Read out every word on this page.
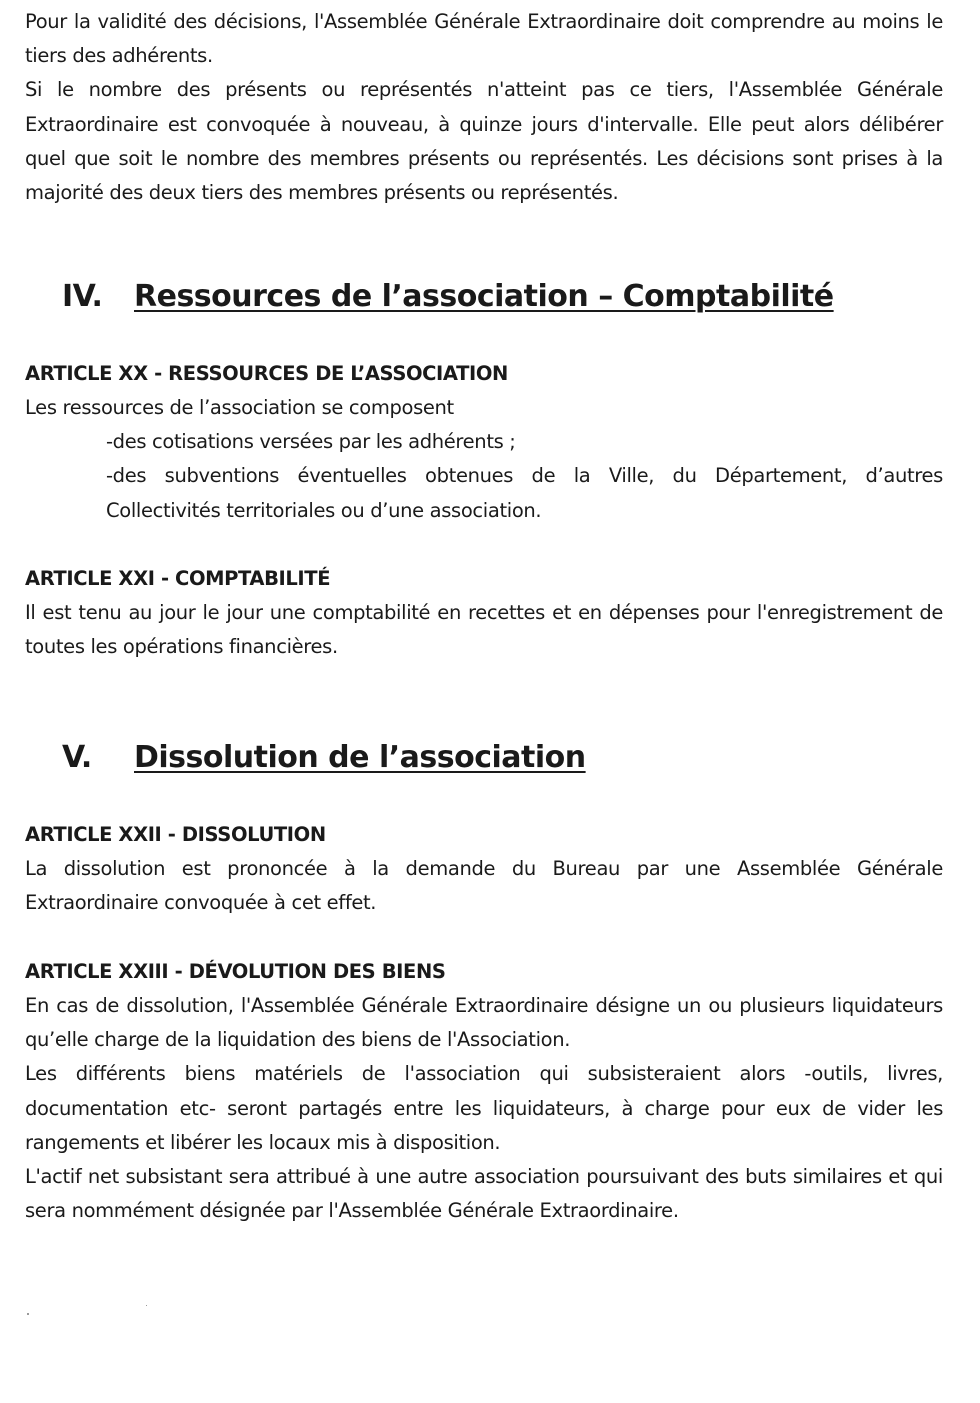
Pour la validité des décisions, l'Assemblée Générale Extraordinaire doit comprendre au moins le tiers des adhérents.

Si le nombre des présents ou représentés n'atteint pas ce tiers, l'Assemblée Générale Extraordinaire est convoquée à nouveau, à quinze jours d'intervalle. Elle peut alors délibérer quel que soit le nombre des membres présents ou représentés. Les décisions sont prises à la majorité des deux tiers des membres présents ou représentés.

IV. Ressources de l’association – Comptabilité
ARTICLE XX - RESSOURCES DE L’ASSOCIATION

Les ressources de l’association se composent

-des cotisations versées par les adhérents ;

-des subventions éventuelles obtenues de la Ville, du Département, d’autres Collectivités territoriales ou d’une association.

ARTICLE XXI - COMPTABILITÉ

Il est tenu au jour le jour une comptabilité en recettes et en dépenses pour l'enregistrement de toutes les opérations financières.

V. Dissolution de l’association
ARTICLE XXII - DISSOLUTION

La dissolution est prononcée à la demande du Bureau par une Assemblée Générale Extraordinaire convoquée à cet effet.

ARTICLE XXIII - DÉVOLUTION DES BIENS

En cas de dissolution, l'Assemblée Générale Extraordinaire désigne un ou plusieurs liquidateurs qu’elle charge de la liquidation des biens de l'Association.

Les différents biens matériels de l'association qui subsisteraient alors -outils, livres, documentation etc- seront partagés entre les liquidateurs, à charge pour eux de vider les rangements et libérer les locaux mis à disposition.

L'actif net subsistant sera attribué à une autre association poursuivant des buts similaires et qui sera nommément désignée par l'Assemblée Générale Extraordinaire.
